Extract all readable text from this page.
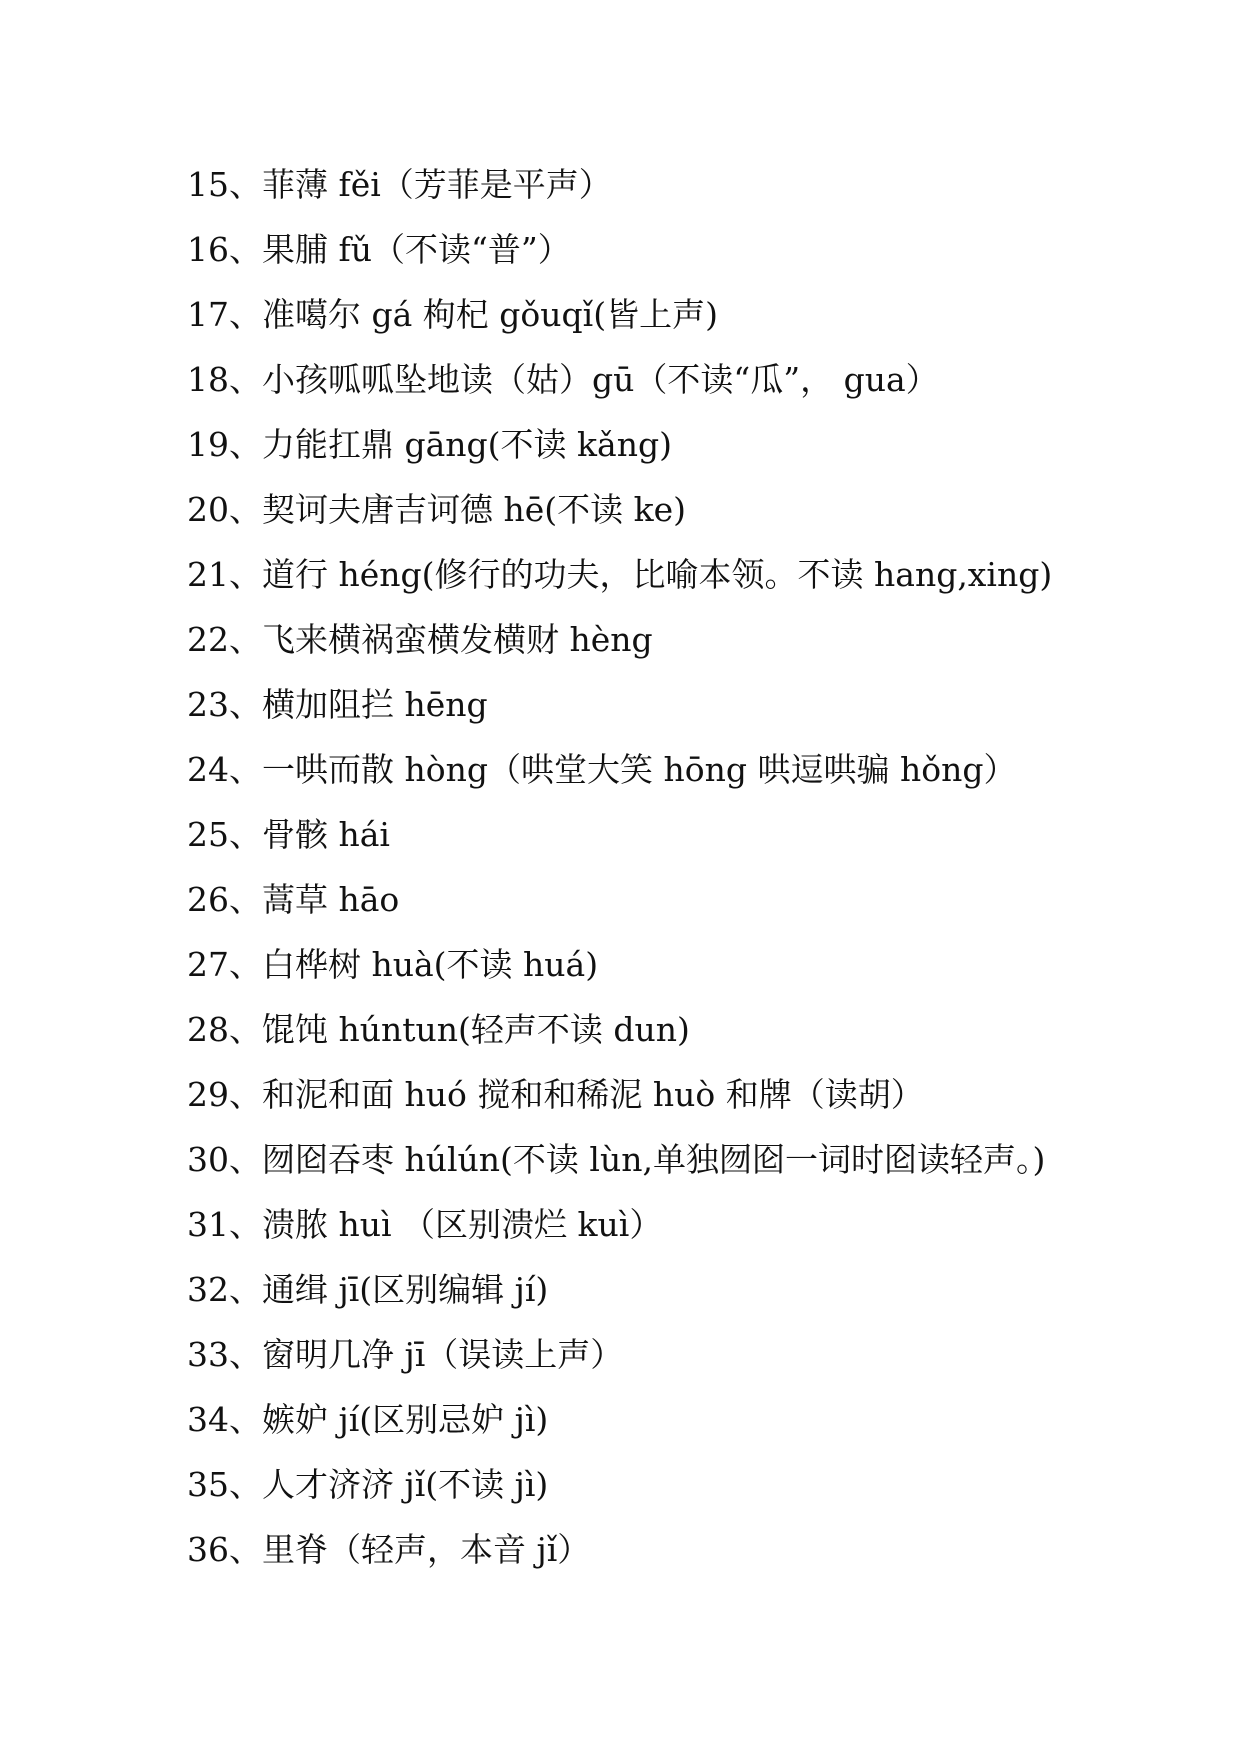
15、菲薄 fěi（芳菲是平声）
16、果脯 fǔ（不读“普”）
17、准噶尔 gá 枸杞 gǒuqǐ(皆上声)
18、小孩呱呱坠地读（姑）gū（不读“瓜”， gua）
19、力能扛鼎 gāng(不读 kǎng)
20、契诃夫唐吉诃德 hē(不读 ke)
21、道行 héng(修行的功夫，比喻本领。不读 hang,xing)
22、飞来横祸蛮横发横财 hèng
23、横加阻拦 hēng
24、一哄而散 hòng（哄堂大笑 hōng 哄逗哄骗 hǒng）
25、骨骸 hái
26、蒿草 hāo
27、白桦树 huà(不读 huá)
28、馄饨 húntun(轻声不读 dun)
29、和泥和面 huó 搅和和稀泥 huò 和牌（读胡）
30、囫囵吞枣 húlún(不读 lùn,单独囫囵一词时囵读轻声。)
31、溃脓 huì （区别溃烂 kuì）
32、通缉 jī(区别编辑 jí)
33、窗明几净 jī（误读上声）
34、嫉妒 jí(区别忌妒 jì)
35、人才济济 jǐ(不读 jì)
36、里脊（轻声，本音 jǐ）
